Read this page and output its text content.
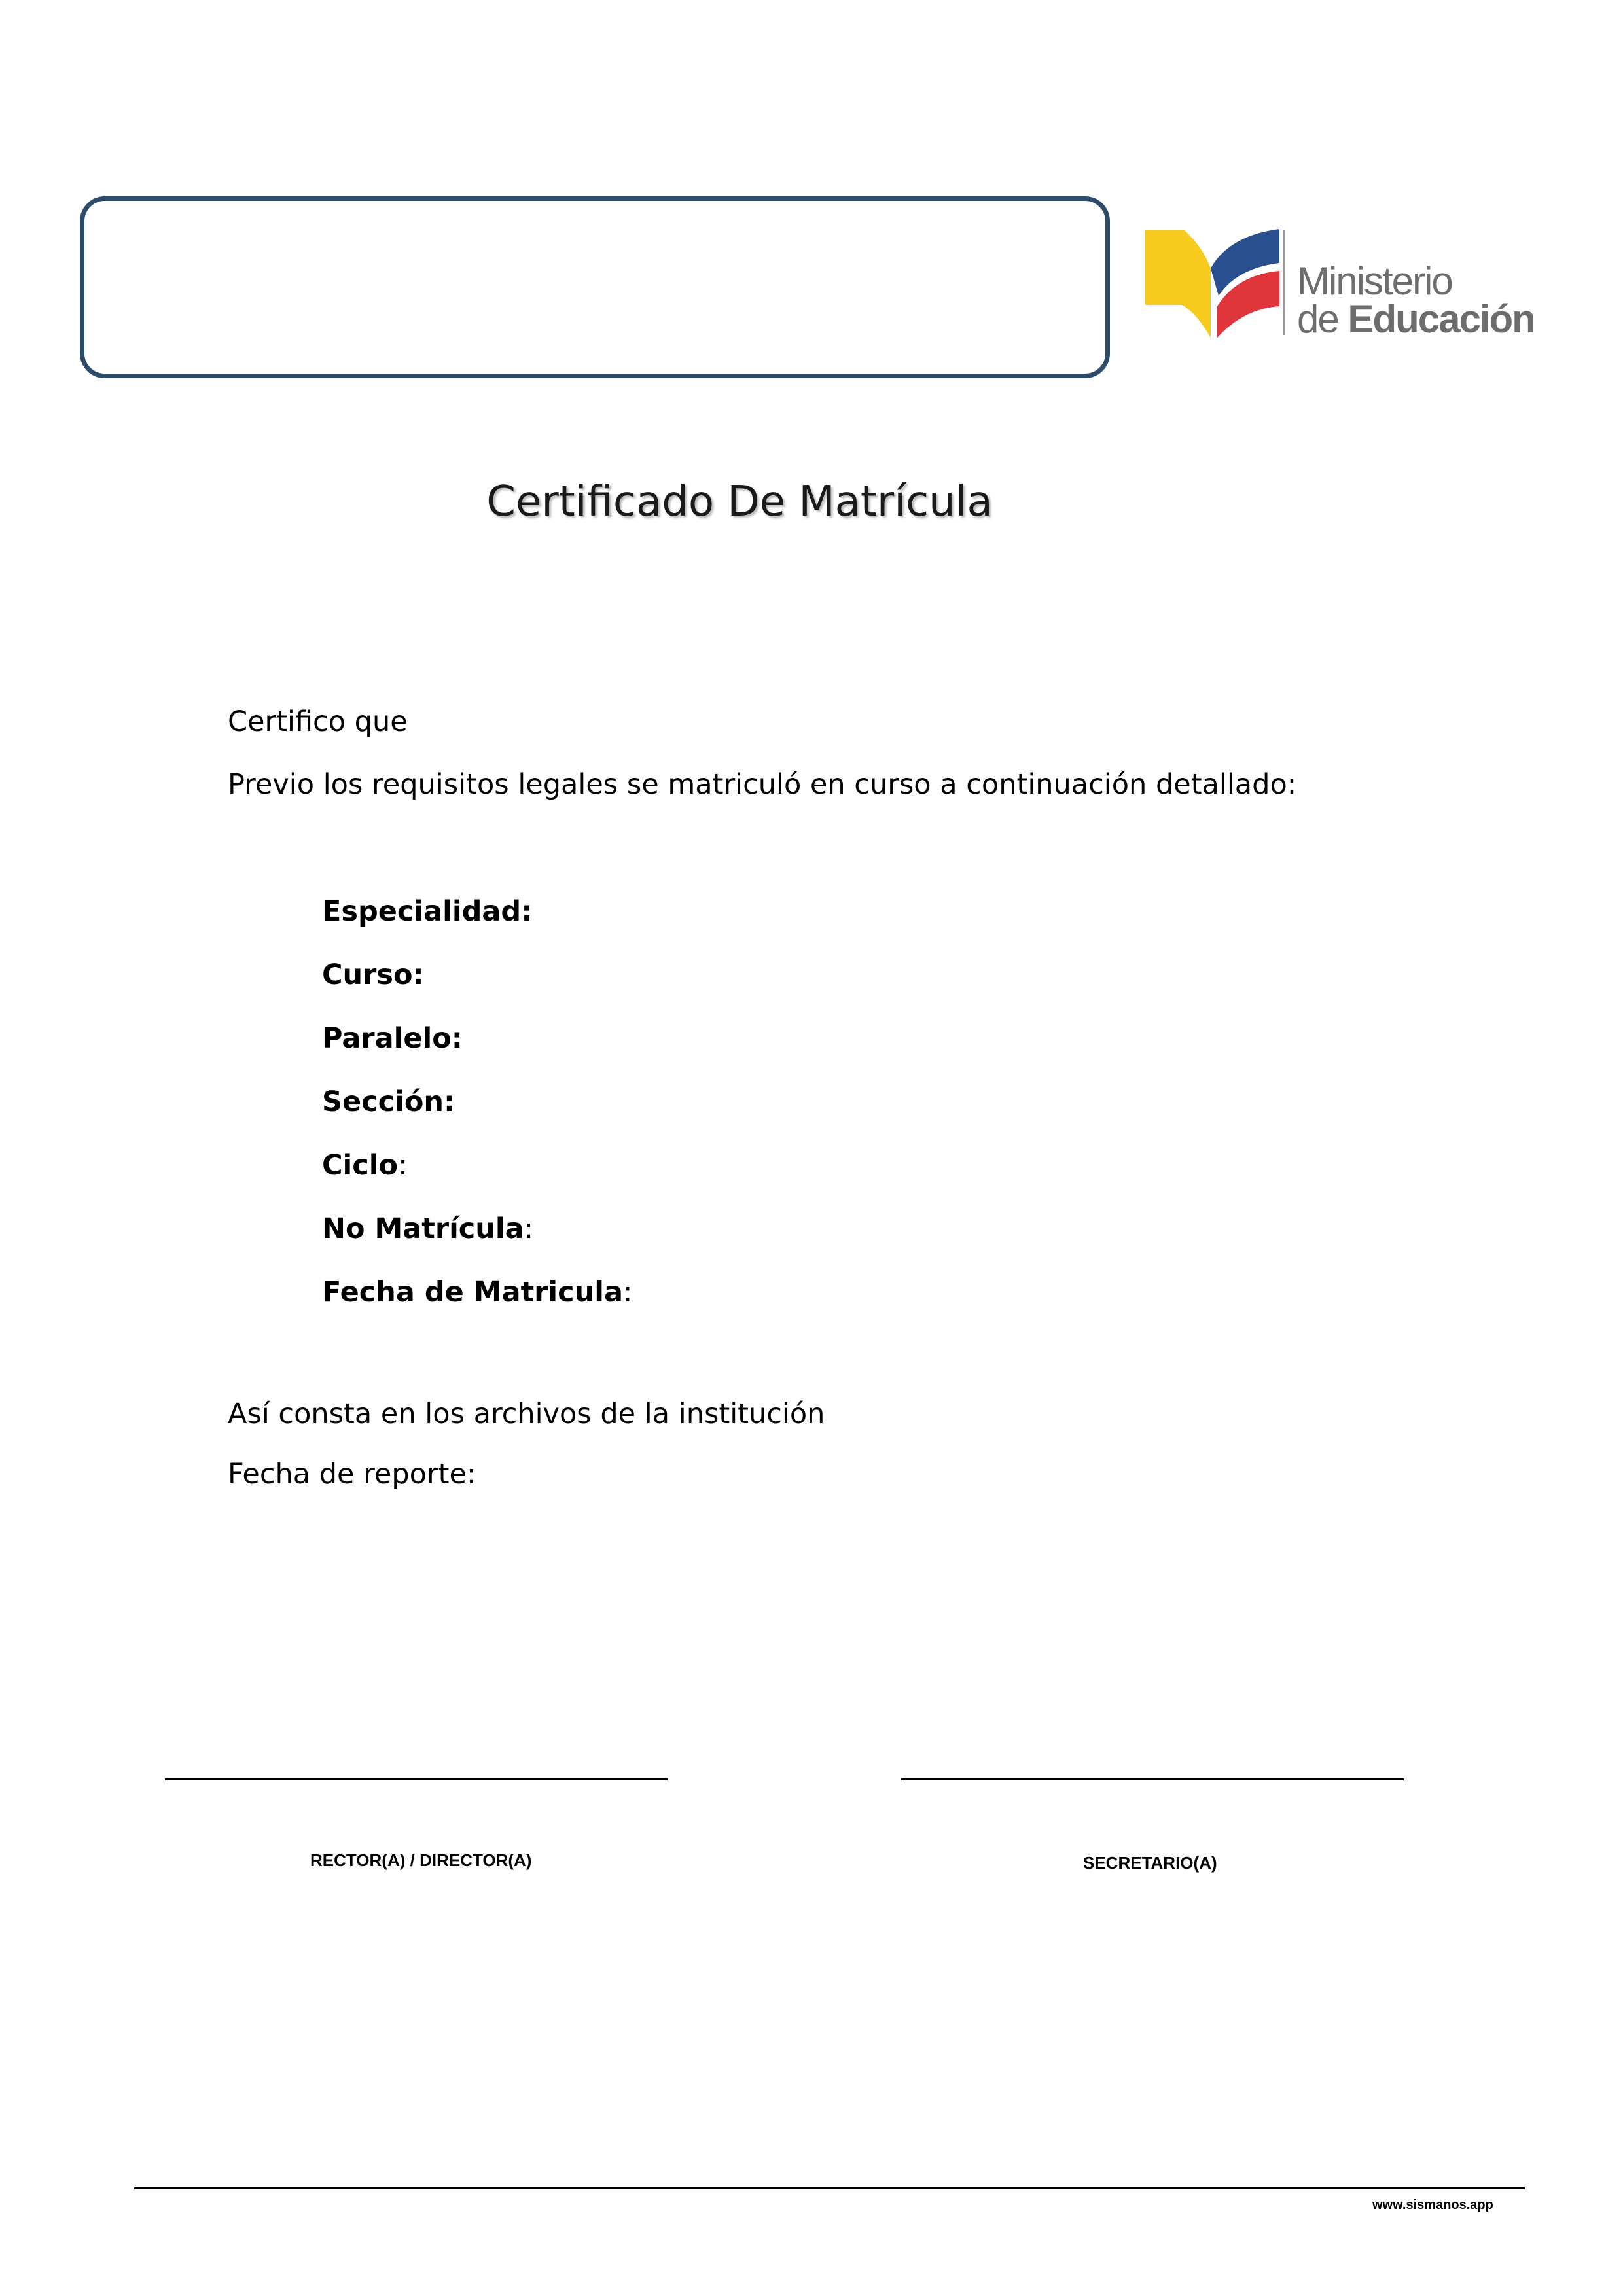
Ministerio
de Educación
Certificado De Matrícula
Certifico que
Previo los requisitos legales se matriculó en curso a continuación detallado:
Especialidad:
Curso:
Paralelo:
Sección:
Ciclo:
No Matrícula:
Fecha de Matricula:
Así consta en los archivos de la institución
Fecha de reporte:
RECTOR(A) / DIRECTOR(A)	SECRETARIO(A)
www.sismanos.app
